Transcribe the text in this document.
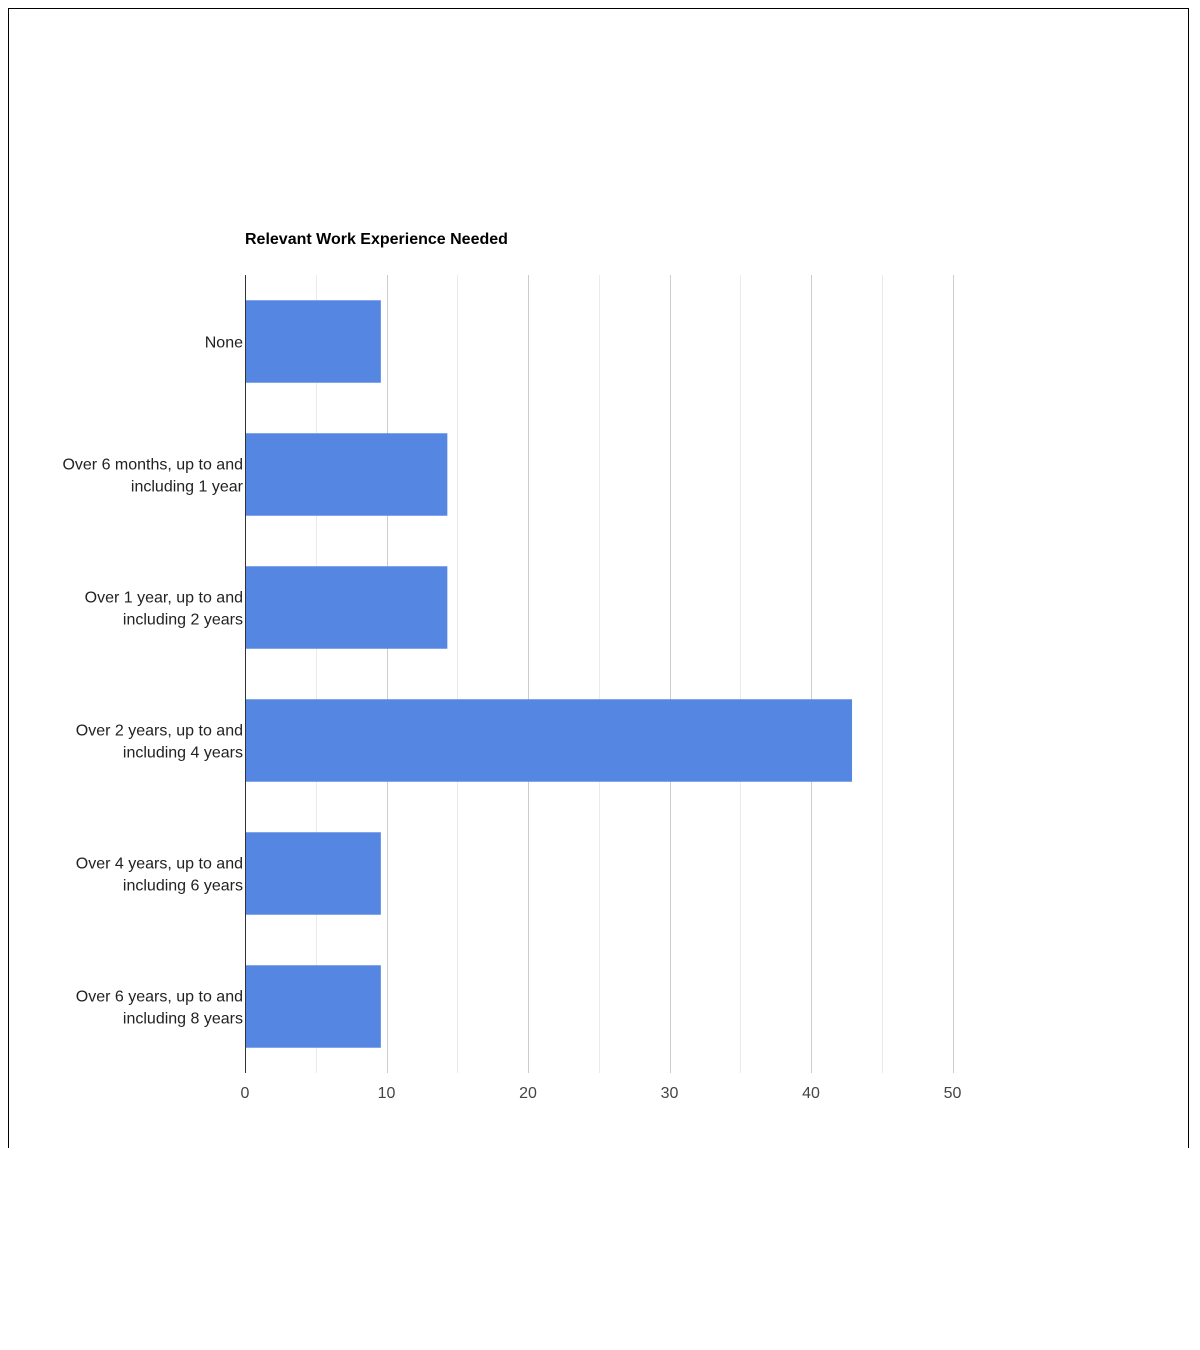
Relevant Work Experience Needed
None
Over 6 months, up to and
including 1 year
Over 1 year, up to and
including 2 years
Over 2 years, up to and
including 4 years
Over 4 years, up to and
including 6 years
Over 6 years, up to and
including 8 years
0	10	20	30	40	50
